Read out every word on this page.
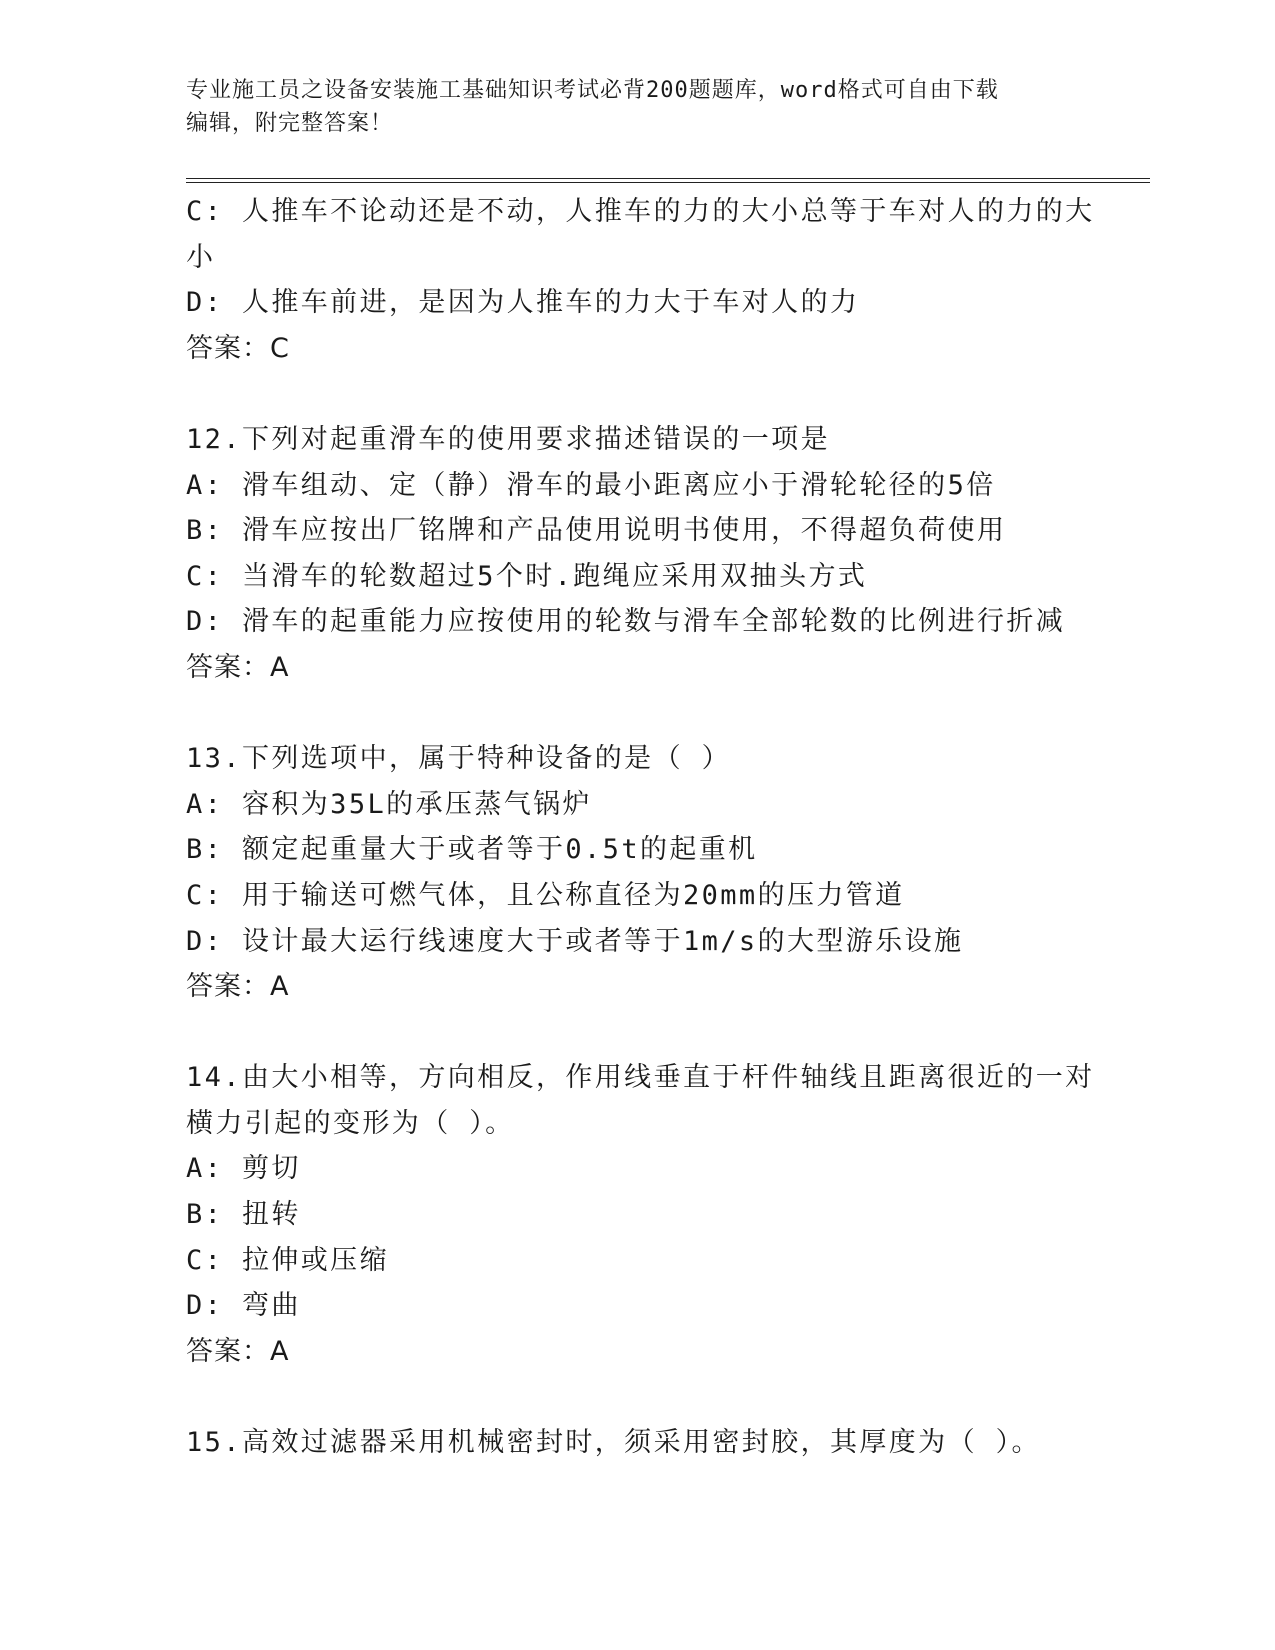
专业施工员之设备安装施工基础知识考试必背200题题库，word格式可自由下载
编辑，附完整答案！
C: 人推车不论动还是不动，人推车的力的大小总等于车对人的力的大
小
D: 人推车前进，是因为人推车的力大于车对人的力
答案：C
12.下列对起重滑车的使用要求描述错误的一项是
A: 滑车组动、定（静）滑车的最小距离应小于滑轮轮径的5倍
B: 滑车应按出厂铭牌和产品使用说明书使用，不得超负荷使用
C: 当滑车的轮数超过5个时.跑绳应采用双抽头方式
D: 滑车的起重能力应按使用的轮数与滑车全部轮数的比例进行折减
答案：A
13.下列选项中，属于特种设备的是（ ）
A: 容积为35L的承压蒸气锅炉
B: 额定起重量大于或者等于0.5t的起重机
C: 用于输送可燃气体，且公称直径为20mm的压力管道
D: 设计最大运行线速度大于或者等于1m/s的大型游乐设施
答案：A
14.由大小相等，方向相反，作用线垂直于杆件轴线且距离很近的一对
横力引起的变形为（ ）。
A: 剪切
B: 扭转
C: 拉伸或压缩
D: 弯曲
答案：A
15.高效过滤器采用机械密封时，须采用密封胶，其厚度为（ ）。
